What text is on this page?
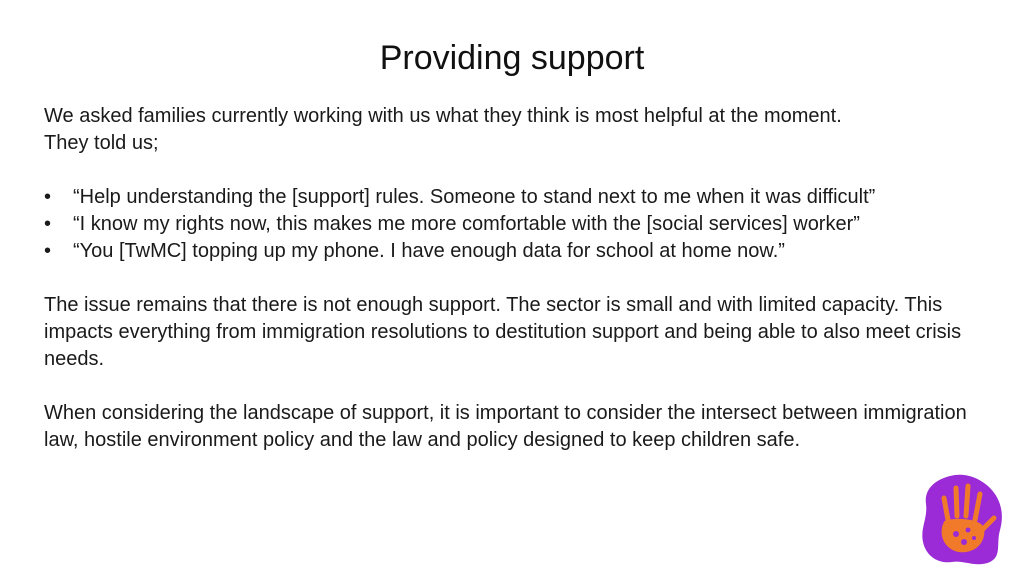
Providing support

We asked families currently working with us what they think is most helpful at the moment.

They told us;

• “Help understanding the [support] rules. Someone to stand next to me when it was difficult”
• “I know my rights now, this makes me more comfortable with the [social services] worker”
• “You [TwMC] topping up my phone. I have enough data for school at home now.”

The issue remains that there is not enough support. The sector is small and with limited capacity. This impacts everything from immigration resolutions to destitution support and being able to also meet crisis needs.

When considering the landscape of support, it is important to consider the intersect between immigration law, hostile environment policy and the law and policy designed to keep children safe.
